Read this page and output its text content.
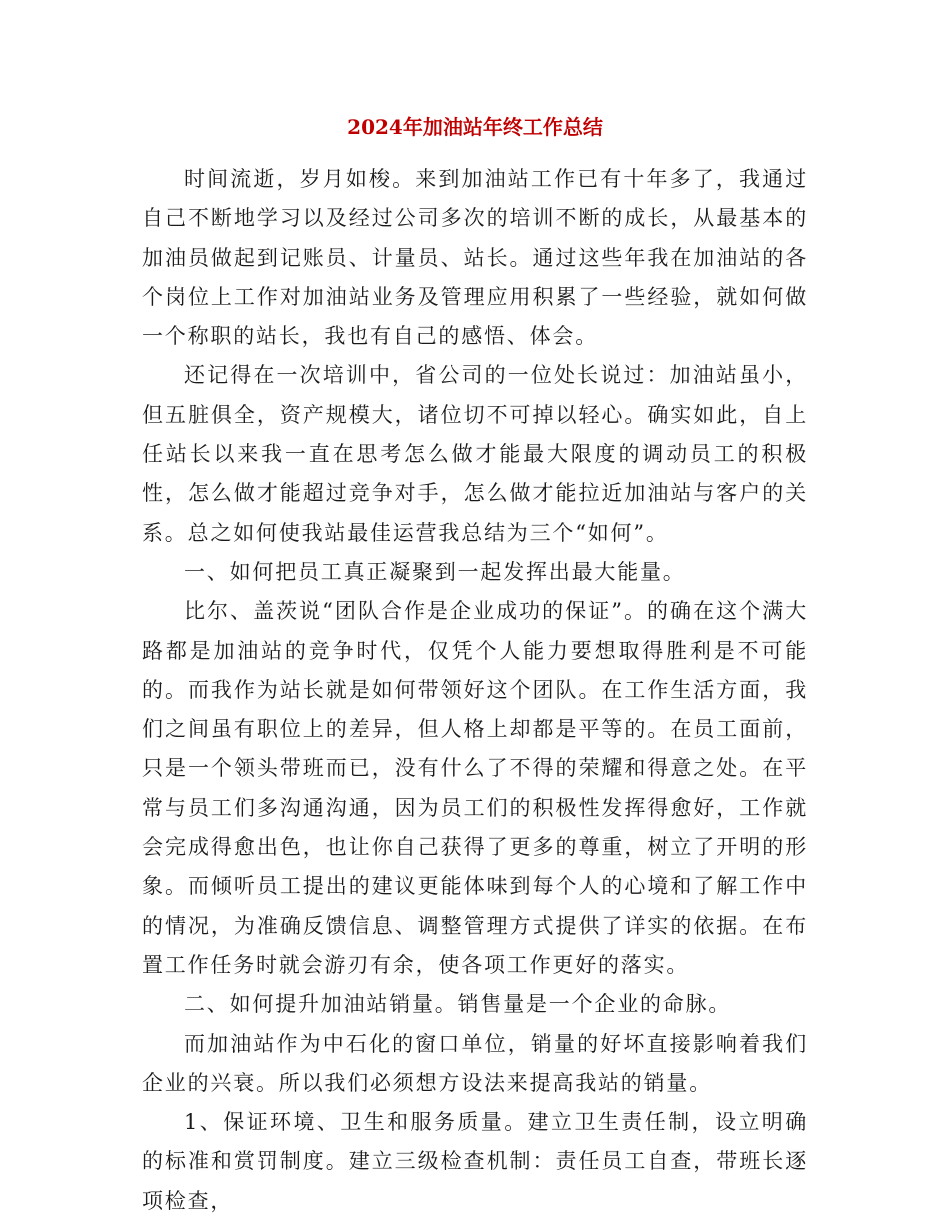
2024年加油站年终工作总结

时间流逝，岁月如梭。来到加油站工作已有十年多了，我通过自己不断地学习以及经过公司多次的培训不断的成长，从最基本的加油员做起到记账员、计量员、站长。通过这些年我在加油站的各个岗位上工作对加油站业务及管理应用积累了一些经验，就如何做一个称职的站长，我也有自己的感悟、体会。

还记得在一次培训中，省公司的一位处长说过：加油站虽小，但五脏俱全，资产规模大，诸位切不可掉以轻心。确实如此，自上任站长以来我一直在思考怎么做才能最大限度的调动员工的积极性，怎么做才能超过竞争对手，怎么做才能拉近加油站与客户的关系。总之如何使我站最佳运营我总结为三个“如何”。

一、如何把员工真正凝聚到一起发挥出最大能量。

比尔、盖茨说“团队合作是企业成功的保证”。的确在这个满大路都是加油站的竞争时代，仅凭个人能力要想取得胜利是不可能的。而我作为站长就是如何带领好这个团队。在工作生活方面，我们之间虽有职位上的差异，但人格上却都是平等的。在员工面前，只是一个领头带班而已，没有什么了不得的荣耀和得意之处。在平常与员工们多沟通沟通，因为员工们的积极性发挥得愈好，工作就会完成得愈出色，也让你自己获得了更多的尊重，树立了开明的形象。而倾听员工提出的建议更能体味到每个人的心境和了解工作中的情况，为准确反馈信息、调整管理方式提供了详实的依据。在布置工作任务时就会游刃有余，使各项工作更好的落实。

二、如何提升加油站销量。销售量是一个企业的命脉。

而加油站作为中石化的窗口单位，销量的好坏直接影响着我们企业的兴衰。所以我们必须想方设法来提高我站的销量。

1、保证环境、卫生和服务质量。建立卫生责任制，设立明确的标准和赏罚制度。建立三级检查机制：责任员工自查，带班长逐项检查，
